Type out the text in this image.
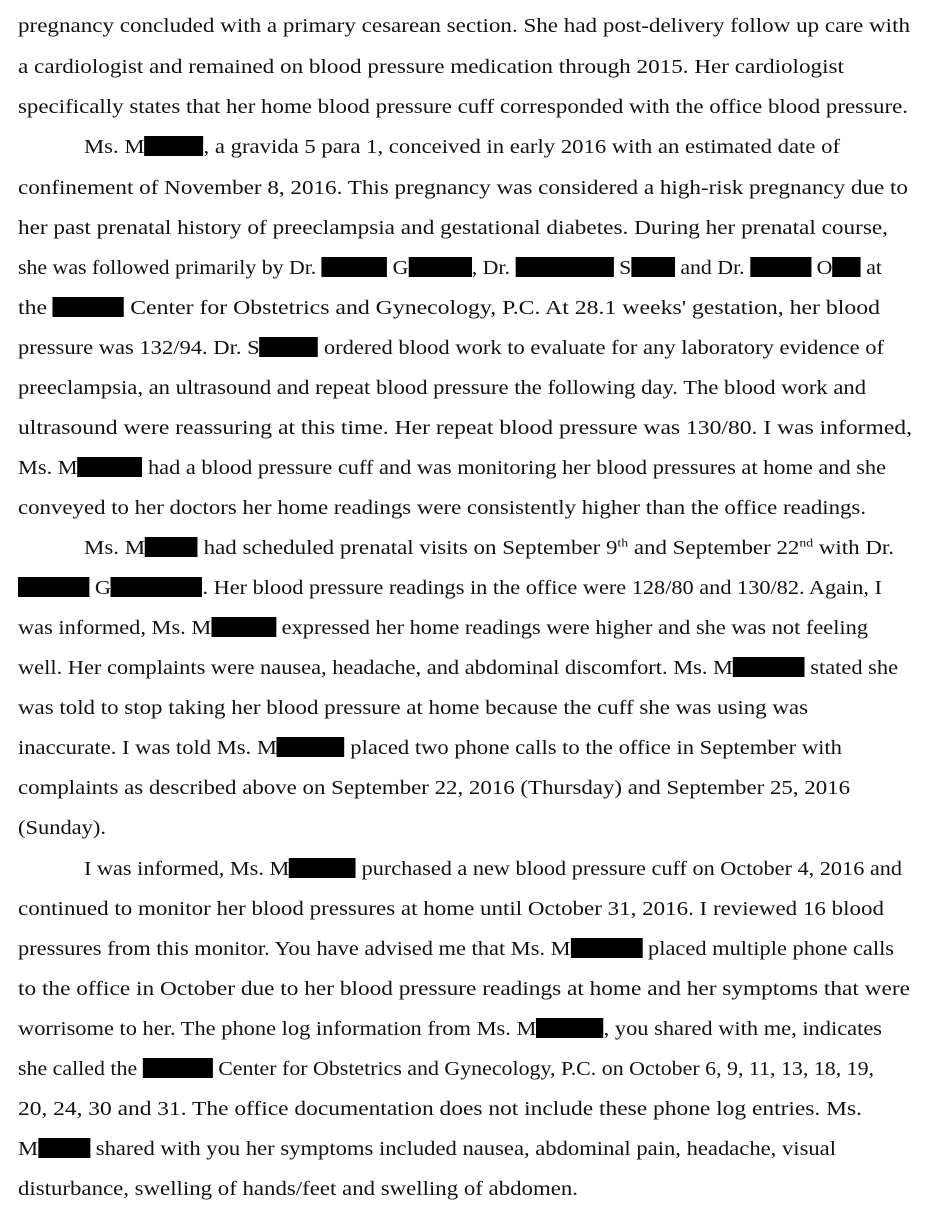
pregnancy concluded with a primary cesarean section. She had post-delivery follow up care with
a cardiologist and remained on blood pressure medication through 2015. Her cardiologist
specifically states that her home blood pressure cuff corresponded with the office blood pressure.
Ms. M	, a gravida 5 para 1, conceived in early 2016 with an estimated date of
confinement of November 8, 2016. This pregnancy was considered a high-risk pregnancy due to
her past prenatal history of preeclampsia and gestational diabetes. During her prenatal course,
she was followed primarily by Dr.	G	, Dr.	S and Dr.	O at
the	Center for Obstetrics and Gynecology, P.C. At 28.1 weeks' gestation, her blood
pressure was 132/94. Dr. S	ordered blood work to evaluate for any laboratory evidence of
preeclampsia, an ultrasound and repeat blood pressure the following day. The blood work and
ultrasound were reassuring at this time. Her repeat blood pressure was 130/80. I was informed,
Ms. M	had a blood pressure cuff and was monitoring her blood pressures at home and she
conveyed to her doctors her home readings were consistently higher than the office readings.
Ms. M	had scheduled prenatal visits on September 9th and September 22nd with Dr.
G	. Her blood pressure readings in the office were 128/80 and 130/82. Again, I
was informed, Ms. M	expressed her home readings were higher and she was not feeling
well. Her complaints were nausea, headache, and abdominal discomfort. Ms. M	stated she
was told to stop taking her blood pressure at home because the cuff she was using was
inaccurate. I was told Ms. M	placed two phone calls to the office in September with
complaints as described above on September 22, 2016 (Thursday) and September 25, 2016
(Sunday).
I was informed, Ms. M	purchased a new blood pressure cuff on October 4, 2016 and
continued to monitor her blood pressures at home until October 31, 2016. I reviewed 16 blood
pressures from this monitor. You have advised me that Ms. M	placed multiple phone calls
to the office in October due to her blood pressure readings at home and her symptoms that were
worrisome to her. The phone log information from Ms. M	, you shared with me, indicates
she called the	Center for Obstetrics and Gynecology, P.C. on October 6, 9, 11, 13, 18, 19,
20, 24, 30 and 31. The office documentation does not include these phone log entries. Ms.
M	shared with you her symptoms included nausea, abdominal pain, headache, visual
disturbance, swelling of hands/feet and swelling of abdomen.
